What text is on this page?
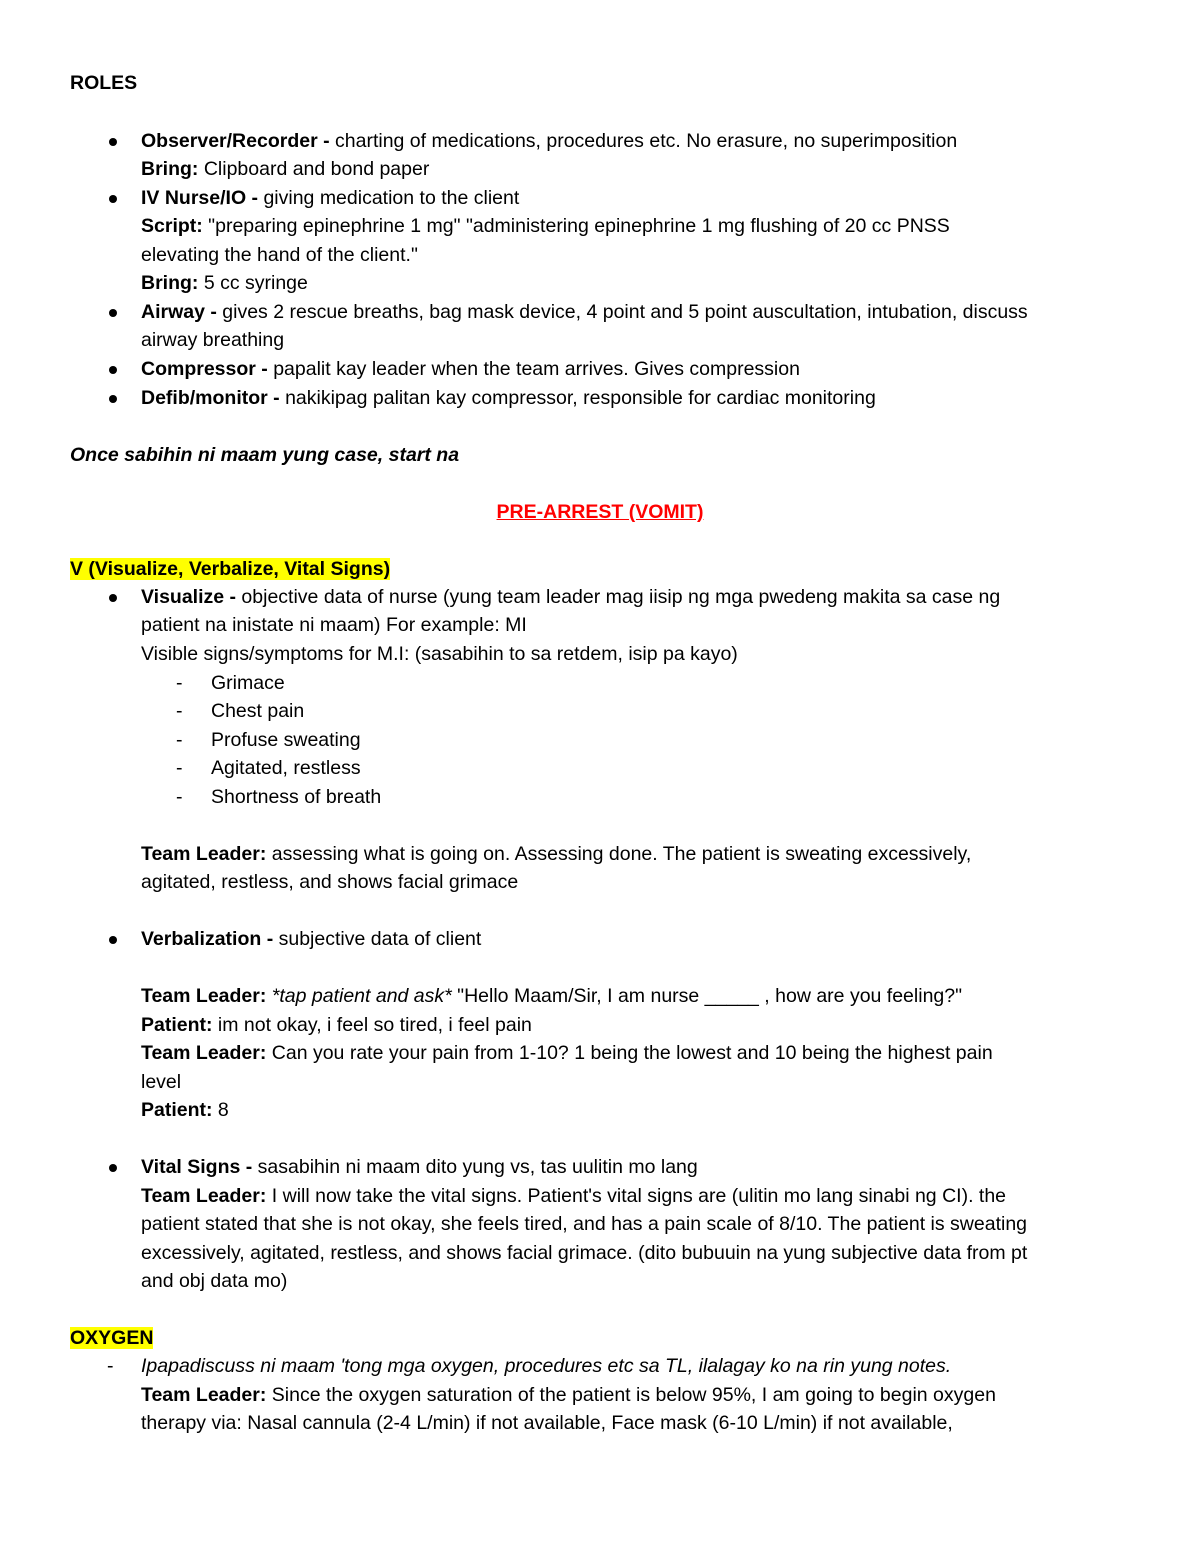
ROLES
Observer/Recorder - charting of medications, procedures etc. No erasure, no superimposition
Bring: Clipboard and bond paper
IV Nurse/IO - giving medication to the client
Script: "preparing epinephrine 1 mg" "administering epinephrine 1 mg flushing of 20 cc PNSS
elevating the hand of the client."
Bring: 5 cc syringe
Airway - gives 2 rescue breaths, bag mask device, 4 point and 5 point auscultation, intubation, discuss
airway breathing
Compressor - papalit kay leader when the team arrives. Gives compression
Defib/monitor - nakikipag palitan kay compressor, responsible for cardiac monitoring
Once sabihin ni maam yung case, start na
PRE-ARREST (VOMIT)
V (Visualize, Verbalize, Vital Signs)
Visualize - objective data of nurse (yung team leader mag iisip ng mga pwedeng makita sa case ng
patient na inistate ni maam) For example: MI
Visible signs/symptoms for M.I: (sasabihin to sa retdem, isip pa kayo)
- Grimace
- Chest pain
- Profuse sweating
- Agitated, restless
- Shortness of breath
Team Leader: assessing what is going on. Assessing done. The patient is sweating excessively,
agitated, restless, and shows facial grimace
Verbalization - subjective data of client
Team Leader: *tap patient and ask* "Hello Maam/Sir, I am nurse _____ , how are you feeling?"
Patient: im not okay, i feel so tired, i feel pain
Team Leader: Can you rate your pain from 1-10? 1 being the lowest and 10 being the highest pain
level
Patient: 8
Vital Signs - sasabihin ni maam dito yung vs, tas uulitin mo lang
Team Leader: I will now take the vital signs. Patient's vital signs are (ulitin mo lang sinabi ng CI). the
patient stated that she is not okay, she feels tired, and has a pain scale of 8/10. The patient is sweating
excessively, agitated, restless, and shows facial grimace. (dito bubuuin na yung subjective data from pt
and obj data mo)
OXYGEN
- Ipapadiscuss ni maam 'tong mga oxygen, procedures etc sa TL, ilalagay ko na rin yung notes.
Team Leader: Since the oxygen saturation of the patient is below 95%, I am going to begin oxygen
therapy via: Nasal cannula (2-4 L/min) if not available, Face mask (6-10 L/min) if not available,
